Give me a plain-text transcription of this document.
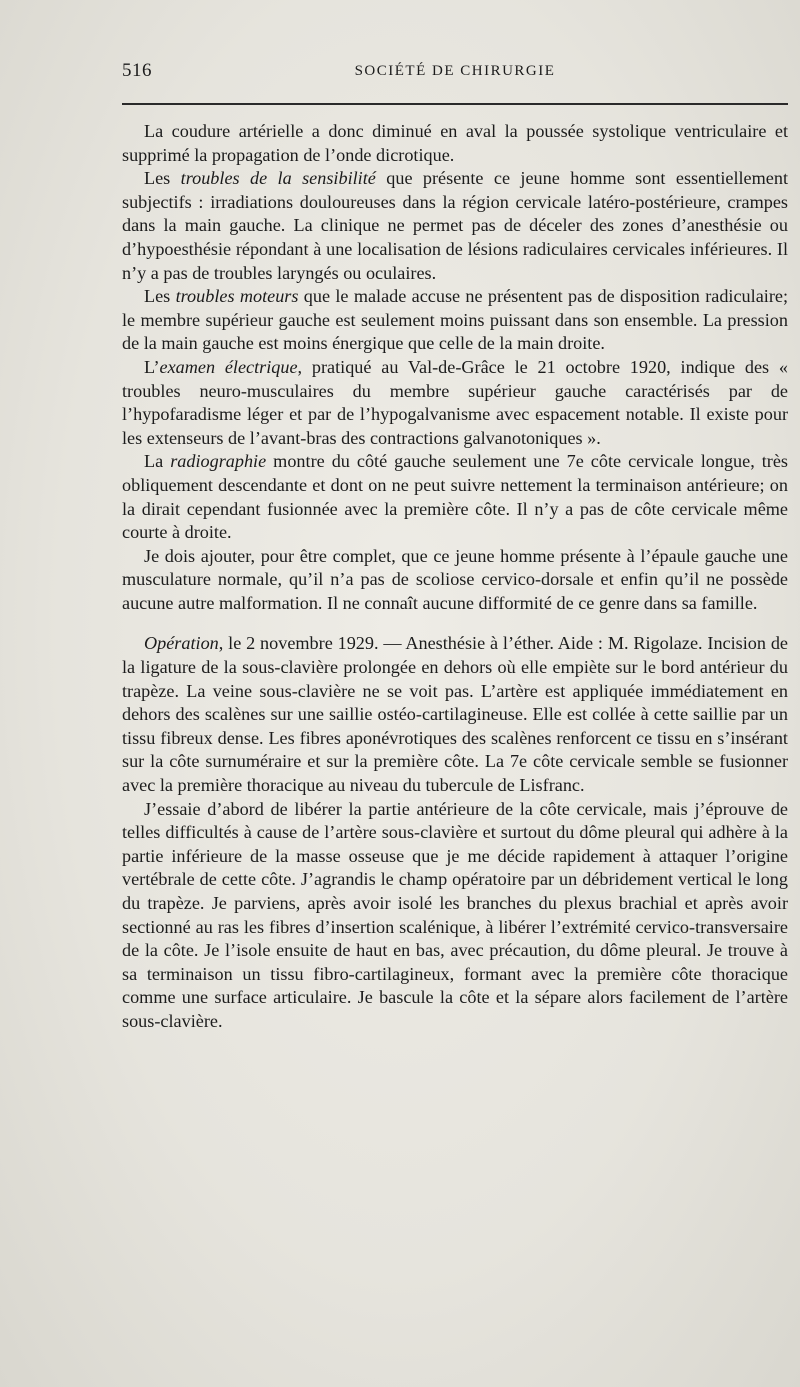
516	SOCIÉTÉ DE CHIRURGIE

La coudure artérielle a donc diminué en aval la poussée systolique ventriculaire et supprimé la propagation de l’onde dicrotique.

Les troubles de la sensibilité que présente ce jeune homme sont essentiellement subjectifs : irradiations douloureuses dans la région cervicale latéro-postérieure, crampes dans la main gauche. La clinique ne permet pas de déceler des zones d’anesthésie ou d’hypoesthésie répondant à une localisation de lésions radiculaires cervicales inférieures. Il n’y a pas de troubles laryngés ou oculaires.

Les troubles moteurs que le malade accuse ne présentent pas de disposition radiculaire; le membre supérieur gauche est seulement moins puissant dans son ensemble. La pression de la main gauche est moins énergique que celle de la main droite.

L’examen électrique, pratiqué au Val-de-Grâce le 21 octobre 1920, indique des « troubles neuro-musculaires du membre supérieur gauche caractérisés par de l’hypofaradisme léger et par de l’hypogalvanisme avec espacement notable. Il existe pour les extenseurs de l’avant-bras des contractions galvanotoniques ».

La radiographie montre du côté gauche seulement une 7e côte cervicale longue, très obliquement descendante et dont on ne peut suivre nettement la terminaison antérieure; on la dirait cependant fusionnée avec la première côte. Il n’y a pas de côte cervicale même courte à droite.

Je dois ajouter, pour être complet, que ce jeune homme présente à l’épaule gauche une musculature normale, qu’il n’a pas de scoliose cervico-dorsale et enfin qu’il ne possède aucune autre malformation. Il ne connaît aucune difformité de ce genre dans sa famille.

Opération, le 2 novembre 1929. — Anesthésie à l’éther. Aide : M. Rigolaze. Incision de la ligature de la sous-clavière prolongée en dehors où elle empiète sur le bord antérieur du trapèze. La veine sous-clavière ne se voit pas. L’artère est appliquée immédiatement en dehors des scalènes sur une saillie ostéo-cartilagineuse. Elle est collée à cette saillie par un tissu fibreux dense. Les fibres aponévrotiques des scalènes renforcent ce tissu en s’insérant sur la côte surnuméraire et sur la première côte. La 7e côte cervicale semble se fusionner avec la première thoracique au niveau du tubercule de Lisfranc.

J’essaie d’abord de libérer la partie antérieure de la côte cervicale, mais j’éprouve de telles difficultés à cause de l’artère sous-clavière et surtout du dôme pleural qui adhère à la partie inférieure de la masse osseuse que je me décide rapidement à attaquer l’origine vertébrale de cette côte. J’agrandis le champ opératoire par un débridement vertical le long du trapèze. Je parviens, après avoir isolé les branches du plexus brachial et après avoir sectionné au ras les fibres d’insertion scalénique, à libérer l’extrémité cervico-transversaire de la côte. Je l’isole ensuite de haut en bas, avec précaution, du dôme pleural. Je trouve à sa terminaison un tissu fibro-cartilagineux, formant avec la première côte thoracique comme une surface articulaire. Je bascule la côte et la sépare alors facilement de l’artère sous-clavière.
